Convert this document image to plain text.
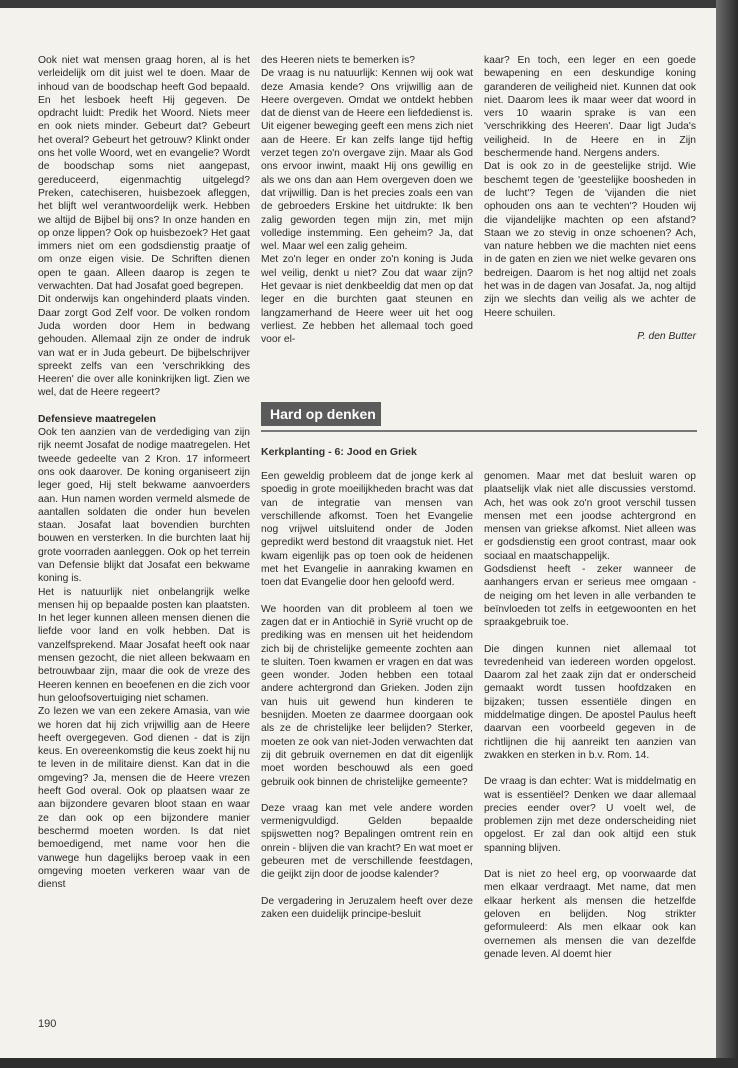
Ook niet wat mensen graag horen, al is het verleidelijk om dit juist wel te doen. Maar de inhoud van de boodschap heeft God bepaald. En het lesboek heeft Hij gegeven. De opdracht luidt: Predik het Woord. Niets meer en ook niets minder. Gebeurt dat? Gebeurt het overal? Gebeurt het getrouw? Klinkt onder ons het volle Woord, wet en evangelie? Wordt de boodschap soms niet aangepast, gereduceerd, eigenmachtig uitgelegd? Preken, catechiseren, huisbezoek afleggen, het blijft wel verantwoordelijk werk. Hebben we altijd de Bijbel bij ons? In onze handen en op onze lippen? Ook op huisbezoek? Het gaat immers niet om een godsdienstig praatje of om onze eigen visie. De Schriften dienen open te gaan. Alleen daarop is zegen te verwachten. Dat had Josafat goed begrepen.

Dit onderwijs kan ongehinderd plaats vinden. Daar zorgt God Zelf voor. De volken rondom Juda worden door Hem in bedwang gehouden. Allemaal zijn ze onder de indruk van wat er in Juda gebeurt. De bijbelschrijver spreekt zelfs van een 'verschrikking des Heeren' die over alle koninkrijken ligt. Zien we wel, dat de Heere regeert?

Defensieve maatregelen

Ook ten aanzien van de verdediging van zijn rijk neemt Josafat de nodige maatregelen. Het tweede gedeelte van 2 Kron. 17 informeert ons ook daarover. De koning organiseert zijn leger goed, Hij stelt bekwame aanvoerders aan. Hun namen worden vermeld alsmede de aantallen soldaten die onder hun bevelen staan. Josafat laat bovendien burchten bouwen en versterken. In die burchten laat hij grote voorraden aanleggen. Ook op het terrein van Defensie blijkt dat Josafat een bekwame koning is.

Het is natuurlijk niet onbelangrijk welke mensen hij op bepaalde posten kan plaatsten. In het leger kunnen alleen mensen dienen die liefde voor land en volk hebben. Dat is vanzelfsprekend. Maar Josafat heeft ook naar mensen gezocht, die niet alleen bekwaam en betrouwbaar zijn, maar die ook de vreze des Heeren kennen en beoefenen en die zich voor hun geloofsovertuiging niet schamen.

Zo lezen we van een zekere Amasia, van wie we horen dat hij zich vrijwillig aan de Heere heeft overgegeven. God dienen - dat is zijn keus. En overeenkomstig die keus zoekt hij nu te leven in de militaire dienst. Kan dat in die omgeving? Ja, mensen die de Heere vrezen heeft God overal. Ook op plaatsen waar ze aan bijzondere gevaren bloot staan en waar ze dan ook op een bijzondere manier beschermd moeten worden. Is dat niet bemoedigend, met name voor hen die vanwege hun dagelijks beroep vaak in een omgeving moeten verkeren waar van de dienst

des Heeren niets te bemerken is?

De vraag is nu natuurlijk: Kennen wij ook wat deze Amasia kende? Ons vrijwillig aan de Heere overgeven. Omdat we ontdekt hebben dat de dienst van de Heere een liefdedienst is. Uit eigener beweging geeft een mens zich niet aan de Heere. Er kan zelfs lange tijd heftig verzet tegen zo'n overgave zijn. Maar als God ons ervoor inwint, maakt Hij ons gewillig en als we ons dan aan Hem overgeven doen we dat vrijwillig. Dan is het precies zoals een van de gebroeders Erskine het uitdrukte: Ik ben zalig geworden tegen mijn zin, met mijn volledige instemming. Een geheim? Ja, dat wel. Maar wel een zalig geheim.

Met zo'n leger en onder zo'n koning is Juda wel veilig, denkt u niet? Zou dat waar zijn? Het gevaar is niet denkbeeldig dat men op dat leger en die burchten gaat steunen en langzamerhand de Heere weer uit het oog verliest. Ze hebben het allemaal toch goed voor el-

kaar? En toch, een leger en een goede bewapening en een deskundige koning garanderen de veiligheid niet. Kunnen dat ook niet. Daarom lees ik maar weer dat woord in vers 10 waarin sprake is van een 'verschrikking des Heeren'. Daar ligt Juda's veiligheid. In de Heere en in Zijn beschermende hand. Nergens anders.

Dat is ook zo in de geestelijke strijd. Wie beschemt tegen de 'geestelijke boosheden in de lucht'? Tegen de 'vijanden die niet ophouden ons aan te vechten'? Houden wij die vijandelijke machten op een afstand? Staan we zo stevig in onze schoenen? Ach, van nature hebben we die machten niet eens in de gaten en zien we niet welke gevaren ons bedreigen. Daarom is het nog altijd net zoals het was in de dagen van Josafat. Ja, nog altijd zijn we slechts dan veilig als we achter de Heere schuilen.

P. den Butter

Hard op denken
Kerkplanting - 6: Jood en Griek

Een geweldig probleem dat de jonge kerk al spoedig in grote moeilijkheden bracht was dat van de integratie van mensen van verschillende afkomst. Toen het Evangelie nog vrijwel uitsluitend onder de Joden gepredikt werd bestond dit vraagstuk niet. Het kwam eigenlijk pas op toen ook de heidenen met het Evangelie in aanraking kwamen en toen dat Evangelie door hen geloofd werd.

We hoorden van dit probleem al toen we zagen dat er in Antiochië in Syrië vrucht op de prediking was en mensen uit het heidendom zich bij de christelijke gemeente zochten aan te sluiten. Toen kwamen er vragen en dat was geen wonder. Joden hebben een totaal andere achtergrond dan Grieken. Joden zijn van huis uit gewend hun kinderen te besnijden. Moeten ze daarmee doorgaan ook als ze de christelijke leer belijden? Sterker, moeten ze ook van niet-Joden verwachten dat zij dit gebruik overnemen en dat dit eigenlijk moet worden beschouwd als een goed gebruik ook binnen de christelijke gemeente?

Deze vraag kan met vele andere worden vermenigvuldigd. Gelden bepaalde spijswetten nog? Bepalingen omtrent rein en onrein - blijven die van kracht? En wat moet er gebeuren met de verschillende feestdagen, die geijkt zijn door de joodse kalender?

De vergadering in Jeruzalem heeft over deze zaken een duidelijk principe-besluit

genomen. Maar met dat besluit waren op plaatselijk vlak niet alle discussies verstomd. Ach, het was ook zo'n groot verschil tussen mensen met een joodse achtergrond en mensen van griekse afkomst. Niet alleen was er godsdienstig een groot contrast, maar ook sociaal en maatschappelijk.

Godsdienst heeft - zeker wanneer de aanhangers ervan er serieus mee omgaan - de neiging om het leven in alle verbanden te beïnvloeden tot zelfs in eetgewoonten en het spraakgebruik toe.

Die dingen kunnen niet allemaal tot tevredenheid van iedereen worden opgelost. Daarom zal het zaak zijn dat er onderscheid gemaakt wordt tussen hoofdzaken en bijzaken; tussen essentiële dingen en middelmatige dingen. De apostel Paulus heeft daarvan een voorbeeld gegeven in de richtlijnen die hij aanreikt ten aanzien van zwakken en sterken in b.v. Rom. 14.

De vraag is dan echter: Wat is middelmatig en wat is essentiëel? Denken we daar allemaal precies eender over? U voelt wel, de problemen zijn met deze onderscheiding niet opgelost. Er zal dan ook altijd een stuk spanning blijven.

Dat is niet zo heel erg, op voorwaarde dat men elkaar verdraagt. Met name, dat men elkaar herkent als mensen die hetzelfde geloven en belijden. Nog strikter geformuleerd: Als men elkaar ook kan overnemen als mensen die van dezelfde genade leven. Al doemt hier

190
